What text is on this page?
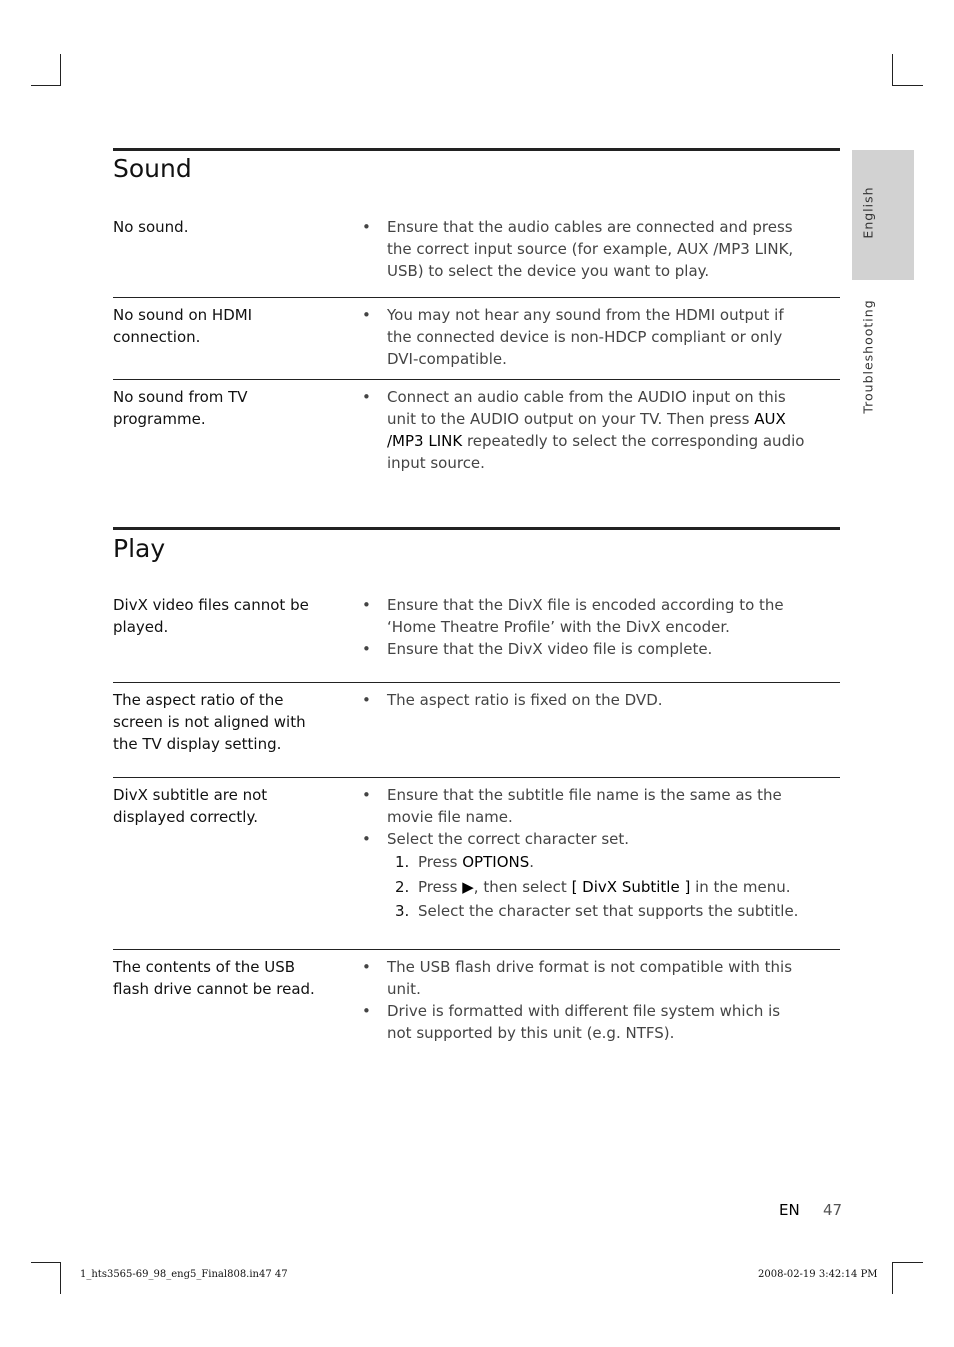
English
Troubleshooting
Sound
No sound.
•	Ensure that the audio cables are connected and press the correct input source (for example, AUX /MP3 LINK, USB) to select the device you want to play.
No sound on HDMI connection.
• You may not hear any sound from the HDMI output if the connected device is non-HDCP compliant or only DVI-compatible.
No sound from TV programme.
• Connect an audio cable from the AUDIO input on this unit to the AUDIO output on your TV. Then press AUX /MP3 LINK repeatedly to select the corresponding audio input source.
Play
DivX video files cannot be played.
• Ensure that the DivX file is encoded according to the ‘Home Theatre Profile’ with the DivX encoder.
• Ensure that the DivX video file is complete.
The aspect ratio of the screen is not aligned with the TV display setting.
• The aspect ratio is fixed on the DVD.
DivX subtitle are not displayed correctly.
• Ensure that the subtitle file name is the same as the movie file name.
• Select the correct character set.
1. Press OPTIONS.
2. Press ▶, then select [ DivX Subtitle ] in the menu.
3. Select the character set that supports the subtitle.
The contents of the USB flash drive cannot be read.
• The USB flash drive format is not compatible with this unit.
• Drive is formatted with different file system which is not supported by this unit (e.g. NTFS).
EN 47
1_hts3565-69_98_eng5_Final808.in47 47	2008-02-19 3:42:14 PM
